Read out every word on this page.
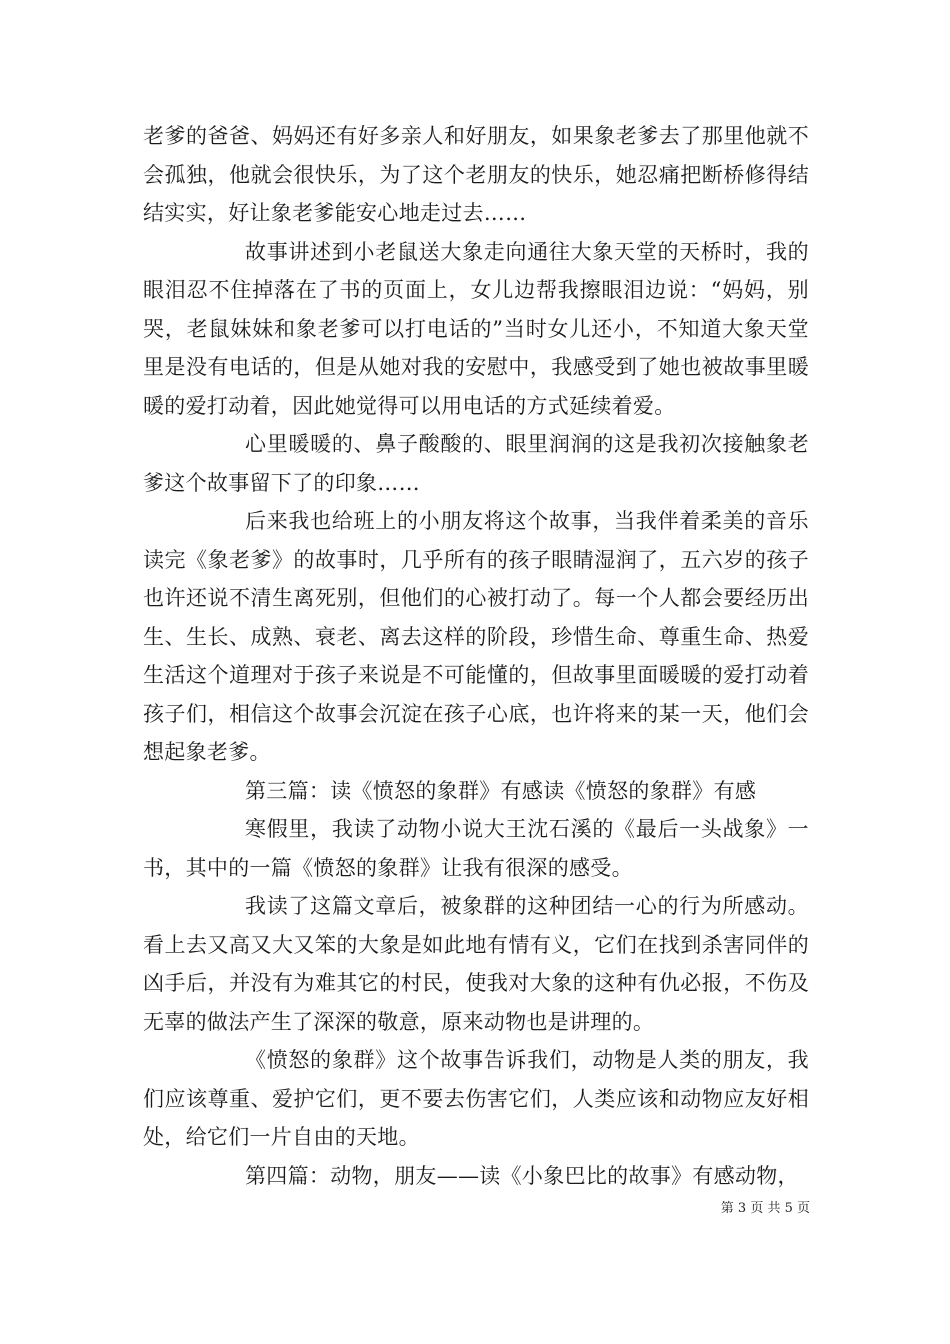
老爹的爸爸、妈妈还有好多亲人和好朋友，如果象老爹去了那里他就不会孤独，他就会很快乐，为了这个老朋友的快乐，她忍痛把断桥修得结结实实，好让象老爹能安心地走过去……

故事讲述到小老鼠送大象走向通往大象天堂的天桥时，我的眼泪忍不住掉落在了书的页面上，女儿边帮我擦眼泪边说：“妈妈，别哭，老鼠妹妹和象老爹可以打电话的”当时女儿还小，不知道大象天堂里是没有电话的，但是从她对我的安慰中，我感受到了她也被故事里暖暖的爱打动着，因此她觉得可以用电话的方式延续着爱。

心里暖暖的、鼻子酸酸的、眼里润润的这是我初次接触象老爹这个故事留下了的印象……

后来我也给班上的小朋友将这个故事，当我伴着柔美的音乐读完《象老爹》的故事时，几乎所有的孩子眼睛湿润了，五六岁的孩子也许还说不清生离死别，但他们的心被打动了。每一个人都会要经历出生、生长、成熟、衰老、离去这样的阶段，珍惜生命、尊重生命、热爱生活这个道理对于孩子来说是不可能懂的，但故事里面暖暖的爱打动着孩子们，相信这个故事会沉淀在孩子心底，也许将来的某一天，他们会想起象老爹。

第三篇：读《愤怒的象群》有感读《愤怒的象群》有感

寒假里，我读了动物小说大王沈石溪的《最后一头战象》一书，其中的一篇《愤怒的象群》让我有很深的感受。

我读了这篇文章后，被象群的这种团结一心的行为所感动。看上去又高又大又笨的大象是如此地有情有义，它们在找到杀害同伴的凶手后，并没有为难其它的村民，使我对大象的这种有仇必报，不伤及无辜的做法产生了深深的敬意，原来动物也是讲理的。

《愤怒的象群》这个故事告诉我们，动物是人类的朋友，我们应该尊重、爱护它们，更不要去伤害它们，人类应该和动物应友好相处，给它们一片自由的天地。

第四篇：动物，朋友——读《小象巴比的故事》有感动物，

第 3 页 共 5 页
